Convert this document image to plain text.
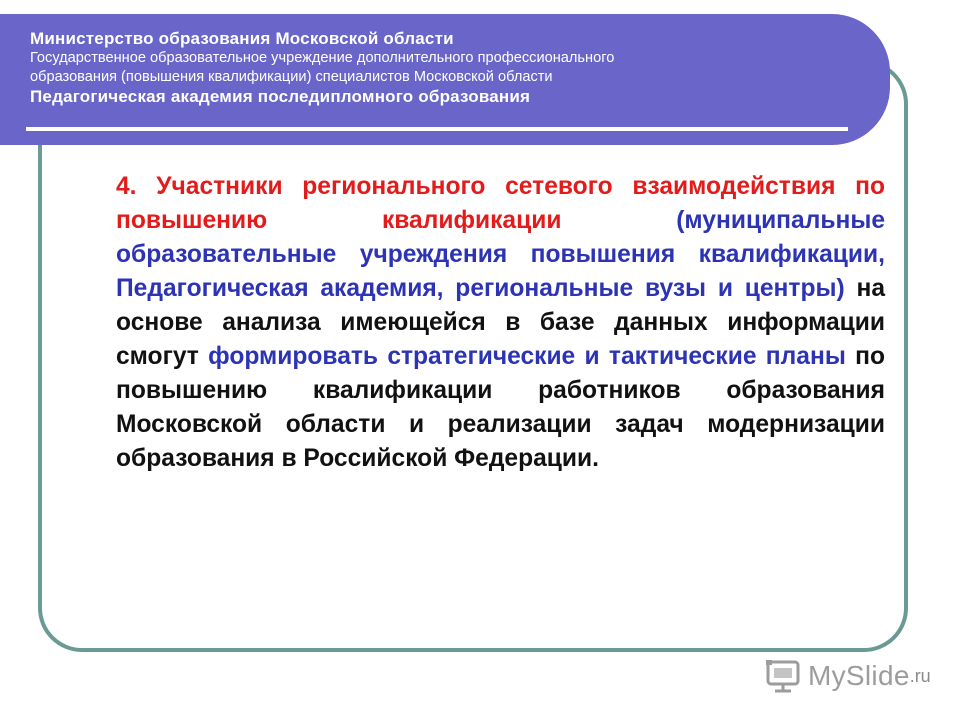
Министерство образования Московской области
Государственное образовательное учреждение дополнительного профессионального
образования (повышения квалификации) специалистов Московской области
Педагогическая академия последипломного образования
4. Участники регионального сетевого взаимодействия по повышению квалификации (муниципальные образовательные учреждения повышения квалификации, Педагогическая академия, региональные вузы и центры) на основе анализа имеющейся в базе данных информации смогут формировать стратегические и тактические планы по повышению квалификации работников образования Московской области и реализации задач модернизации образования в Российской Федерации.
MySlide .ru
